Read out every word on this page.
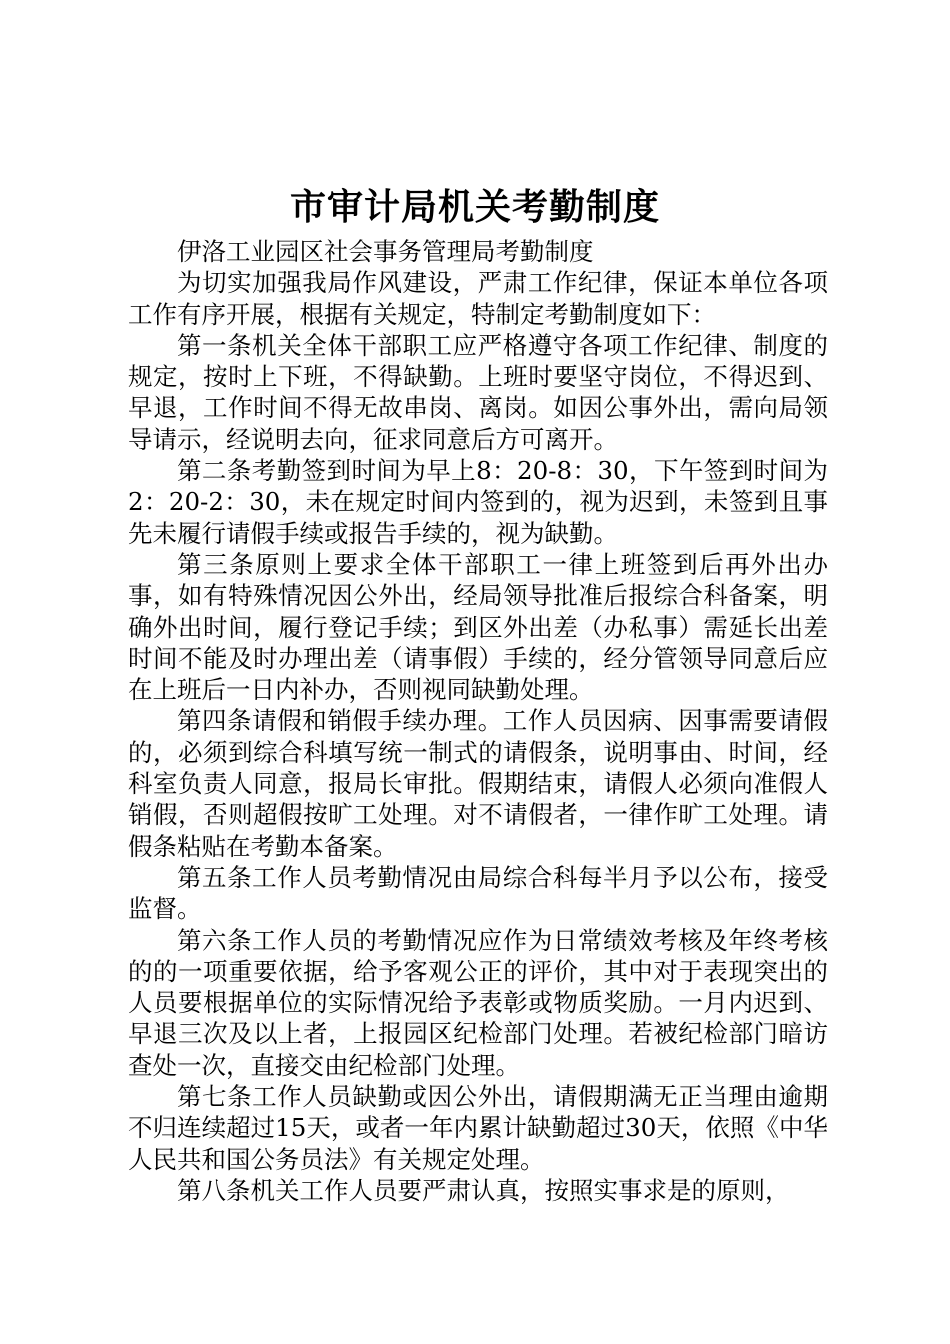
市审计局机关考勤制度

伊洛工业园区社会事务管理局考勤制度

为切实加强我局作风建设，严肃工作纪律，保证本单位各项工作有序开展，根据有关规定，特制定考勤制度如下：

第一条机关全体干部职工应严格遵守各项工作纪律、制度的规定，按时上下班，不得缺勤。上班时要坚守岗位，不得迟到、早退，工作时间不得无故串岗、离岗。如因公事外出，需向局领导请示，经说明去向，征求同意后方可离开。

第二条考勤签到时间为早上8：20-8：30，下午签到时间为2：20-2：30，未在规定时间内签到的，视为迟到，未签到且事先未履行请假手续或报告手续的，视为缺勤。

第三条原则上要求全体干部职工一律上班签到后再外出办事，如有特殊情况因公外出，经局领导批准后报综合科备案，明确外出时间，履行登记手续；到区外出差（办私事）需延长出差时间不能及时办理出差（请事假）手续的，经分管领导同意后应在上班后一日内补办，否则视同缺勤处理。

第四条请假和销假手续办理。工作人员因病、因事需要请假的，必须到综合科填写统一制式的请假条，说明事由、时间，经科室负责人同意，报局长审批。假期结束，请假人必须向准假人销假，否则超假按旷工处理。对不请假者，一律作旷工处理。请假条粘贴在考勤本备案。

第五条工作人员考勤情况由局综合科每半月予以公布，接受监督。

第六条工作人员的考勤情况应作为日常绩效考核及年终考核的的一项重要依据，给予客观公正的评价，其中对于表现突出的人员要根据单位的实际情况给予表彰或物质奖励。一月内迟到、早退三次及以上者，上报园区纪检部门处理。若被纪检部门暗访查处一次，直接交由纪检部门处理。

第七条工作人员缺勤或因公外出，请假期满无正当理由逾期不归连续超过15天，或者一年内累计缺勤超过30天，依照《中华人民共和国公务员法》有关规定处理。

第八条机关工作人员要严肃认真，按照实事求是的原则，
